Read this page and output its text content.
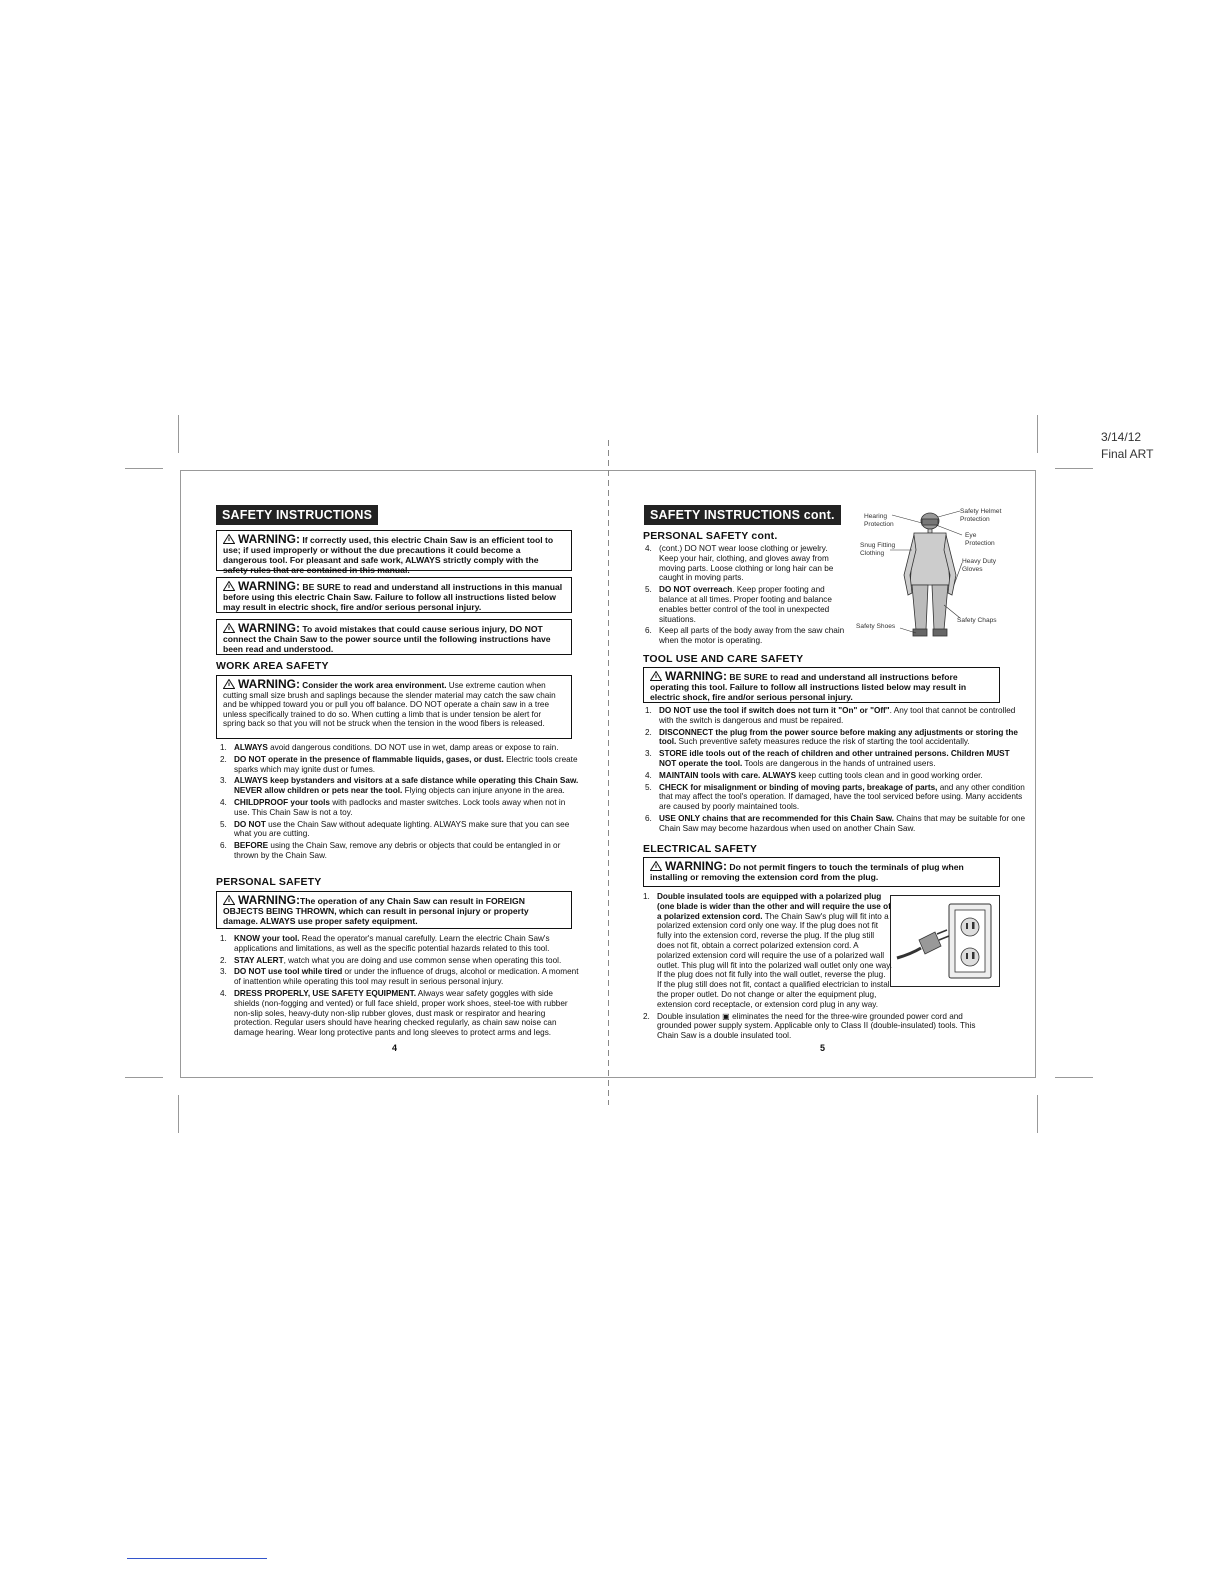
3/14/12
Final ART
SAFETY INSTRUCTIONS
WARNING: If correctly used, this electric Chain Saw is an efficient tool to use; if used improperly or without the due precautions it could become a dangerous tool. For pleasant and safe work, ALWAYS strictly comply with the safety rules that are contained in this manual.
WARNING: BE SURE to read and understand all instructions in this manual before using this electric Chain Saw. Failure to follow all instructions listed below may result in electric shock, fire and/or serious personal injury.
WARNING: To avoid mistakes that could cause serious injury, DO NOT connect the Chain Saw to the power source until the following instructions have been read and understood.
WORK AREA SAFETY
WARNING: Consider the work area environment. Use extreme caution when cutting small size brush and saplings because the slender material may catch the saw chain and be whipped toward you or pull you off balance. DO NOT operate a chain saw in a tree unless specifically trained to do so. When cutting a limb that is under tension be alert for spring back so that you will not be struck when the tension in the wood fibers is released.
1. ALWAYS avoid dangerous conditions. DO NOT use in wet, damp areas or expose to rain.
2. DO NOT operate in the presence of flammable liquids, gases, or dust. Electric tools create sparks which may ignite dust or fumes.
3. ALWAYS keep bystanders and visitors at a safe distance while operating this Chain Saw. NEVER allow children or pets near the tool. Flying objects can injure anyone in the area.
4. CHILDPROOF your tools with padlocks and master switches. Lock tools away when not in use. This Chain Saw is not a toy.
5. DO NOT use the Chain Saw without adequate lighting. ALWAYS make sure that you can see what you are cutting.
6. BEFORE using the Chain Saw, remove any debris or objects that could be entangled in or thrown by the Chain Saw.
PERSONAL SAFETY
WARNING:The operation of any Chain Saw can result in FOREIGN OBJECTS BEING THROWN, which can result in personal injury or property damage. ALWAYS use proper safety equipment.
1. KNOW your tool. Read the operator's manual carefully. Learn the electric Chain Saw's applications and limitations, as well as the specific potential hazards related to this tool.
2. STAY ALERT, watch what you are doing and use common sense when operating this tool.
3. DO NOT use tool while tired or under the influence of drugs, alcohol or medication. A moment of inattention while operating this tool may result in serious personal injury.
4. DRESS PROPERLY, USE SAFETY EQUIPMENT. Always wear safety goggles with side shields (non-fogging and vented) or full face shield, proper work shoes, steel-toe with rubber non-slip soles, heavy-duty non-slip rubber gloves, dust mask or respirator and hearing protection. Regular users should have hearing checked regularly, as chain saw noise can damage hearing. Wear long protective pants and long sleeves to protect arms and legs.
4
SAFETY INSTRUCTIONS cont.
PERSONAL SAFETY cont.
4. (cont.) DO NOT wear loose clothing or jewelry. Keep your hair, clothing, and gloves away from moving parts. Loose clothing or long hair can be caught in moving parts.
5. DO NOT overreach. Keep proper footing and balance at all times. Proper footing and balance enables better control of the tool in unexpected situations.
6. Keep all parts of the body away from the saw chain when the motor is operating.
Hearing Protection
Safety Helmet Protection
Eye Protection
Snug Fitting Clothing
Heavy Duty Gloves
Safety Shoes
Safety Chaps
TOOL USE AND CARE SAFETY
WARNING: BE SURE to read and understand all instructions before operating this tool. Failure to follow all instructions listed below may result in electric shock, fire and/or serious personal injury.
1. DO NOT use the tool if switch does not turn it "On" or "Off". Any tool that cannot be controlled with the switch is dangerous and must be repaired.
2. DISCONNECT the plug from the power source before making any adjustments or storing the tool. Such preventive safety measures reduce the risk of starting the tool accidentally.
3. STORE idle tools out of the reach of children and other untrained persons. Children MUST NOT operate the tool. Tools are dangerous in the hands of untrained users.
4. MAINTAIN tools with care. ALWAYS keep cutting tools clean and in good working order.
5. CHECK for misalignment or binding of moving parts, breakage of parts, and any other condition that may affect the tool's operation. If damaged, have the tool serviced before using. Many accidents are caused by poorly maintained tools.
6. USE ONLY chains that are recommended for this Chain Saw. Chains that may be suitable for one Chain Saw may become hazardous when used on another Chain Saw.
ELECTRICAL SAFETY
WARNING: Do not permit fingers to touch the terminals of plug when installing or removing the extension cord from the plug.
1. Double insulated tools are equipped with a polarized plug (one blade is wider than the other and will require the use of a polarized extension cord. The Chain Saw's plug will fit into a polarized extension cord only one way. If the plug does not fit fully into the extension cord, reverse the plug. If the plug still does not fit, obtain a correct polarized extension cord. A polarized extension cord will require the use of a polarized wall outlet. This plug will fit into the polarized wall outlet only one way. If the plug does not fit fully into the wall outlet, reverse the plug. If the plug still does not fit, contact a qualified electrician to install the proper outlet. Do not change or alter the equipment plug, extension cord receptacle, or extension cord plug in any way.
2. Double insulation ▣ eliminates the need for the three-wire grounded power cord and grounded power supply system. Applicable only to Class II (double-insulated) tools. This Chain Saw is a double insulated tool.
5
